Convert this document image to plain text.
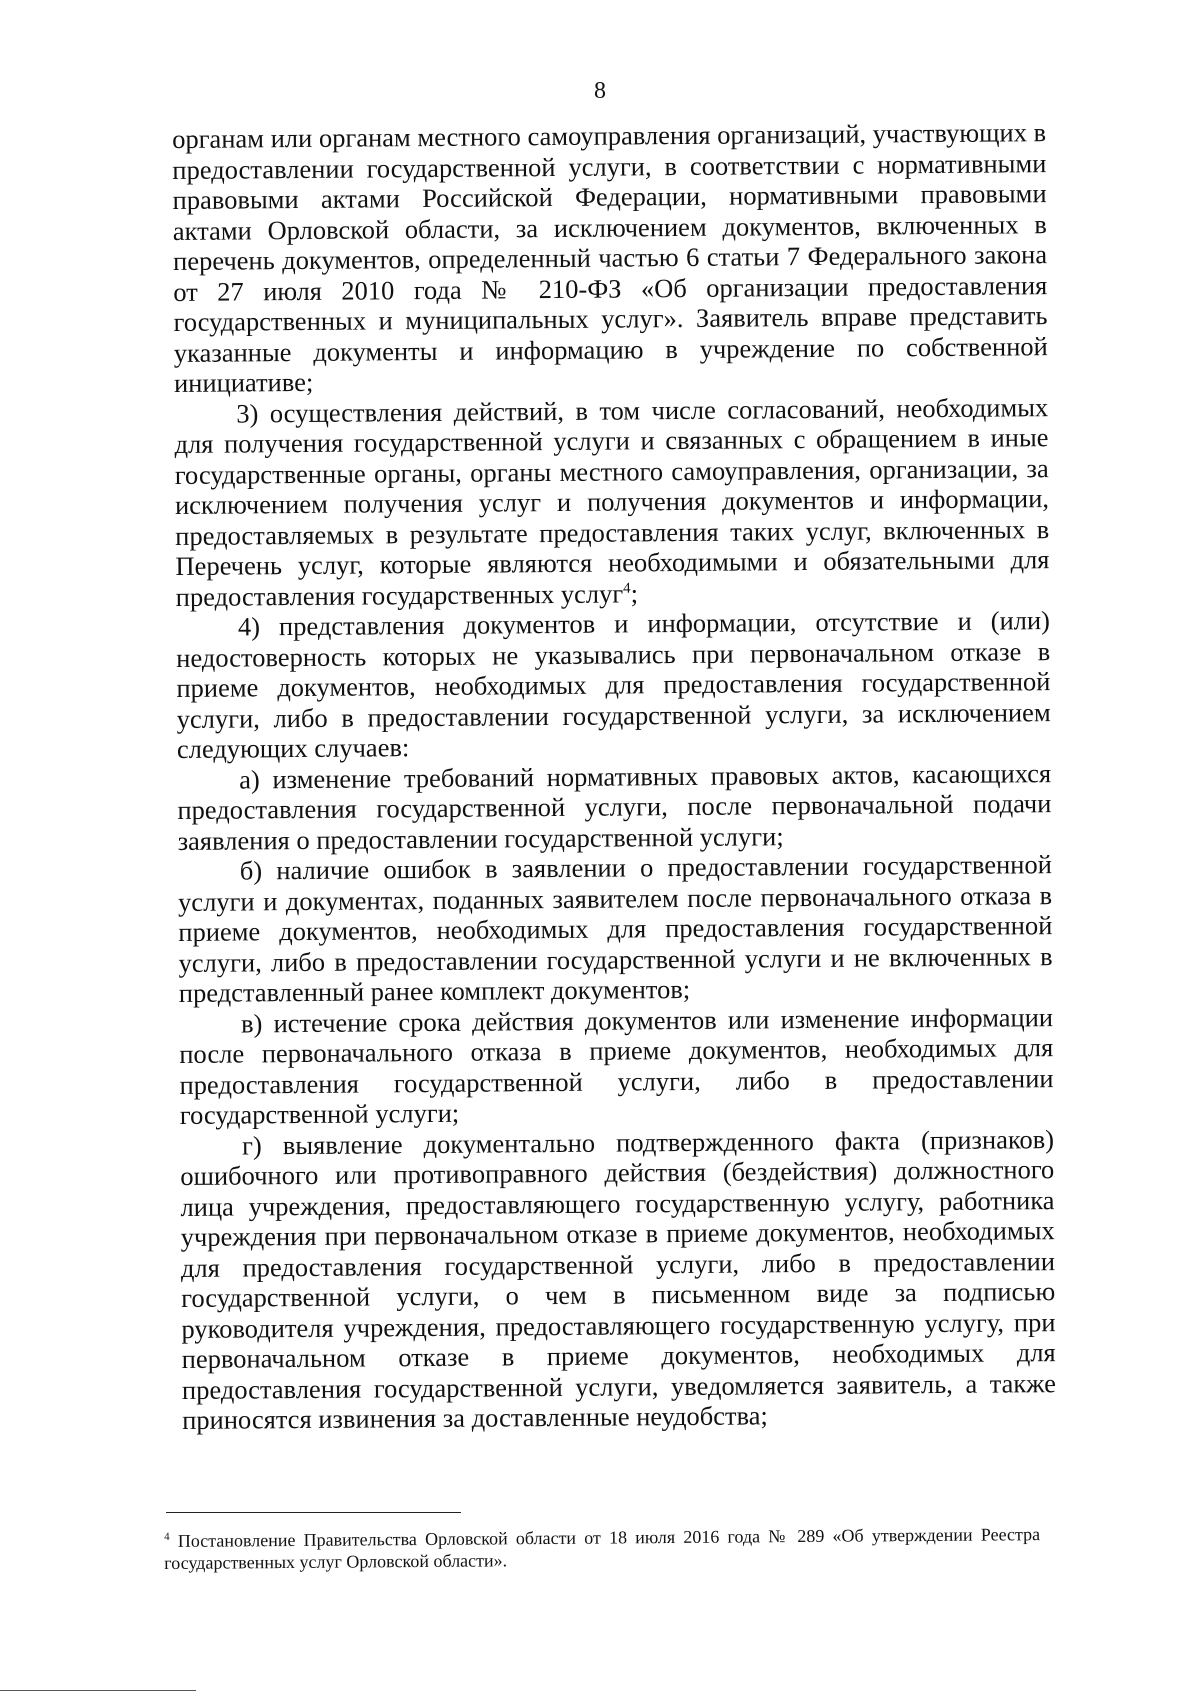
8

органам или органам местного самоуправления организаций, участвующих в предоставлении государственной услуги, в соответствии с нормативными правовыми актами Российской Федерации, нормативными правовыми актами Орловской области, за исключением документов, включенных в перечень документов, определенный частью 6 статьи 7 Федерального закона от 27 июля 2010 года № 210-ФЗ «Об организации предоставления государственных и муниципальных услуг». Заявитель вправе представить указанные документы и информацию в учреждение по собственной инициативе;

3) осуществления действий, в том числе согласований, необходимых для получения государственной услуги и связанных с обращением в иные государственные органы, органы местного самоуправления, организации, за исключением получения услуг и получения документов и информации, предоставляемых в результате предоставления таких услуг, включенных в Перечень услуг, которые являются необходимыми и обязательными для предоставления государственных услуг$^4$;

4) представления документов и информации, отсутствие и (или) недостоверность которых не указывались при первоначальном отказе в приеме документов, необходимых для предоставления государственной услуги, либо в предоставлении государственной услуги, за исключением следующих случаев:

а) изменение требований нормативных правовых актов, касающихся предоставления государственной услуги, после первоначальной подачи заявления о предоставлении государственной услуги;

б) наличие ошибок в заявлении о предоставлении государственной услуги и документах, поданных заявителем после первоначального отказа в приеме документов, необходимых для предоставления государственной услуги, либо в предоставлении государственной услуги и не включенных в представленный ранее комплект документов;

в) истечение срока действия документов или изменение информации после первоначального отказа в приеме документов, необходимых для предоставления государственной услуги, либо в предоставлении государственной услуги;

г) выявление документально подтвержденного факта (признаков) ошибочного или противоправного действия (бездействия) должностного лица учреждения, предоставляющего государственную услугу, работника учреждения при первоначальном отказе в приеме документов, необходимых для предоставления государственной услуги, либо в предоставлении государственной услуги, о чем в письменном виде за подписью руководителя учреждения, предоставляющего государственную услугу, при первоначальном отказе в приеме документов, необходимых для предоставления государственной услуги, уведомляется заявитель, а также приносятся извинения за доставленные неудобства;

$^4$ Постановление Правительства Орловской области от 18 июля 2016 года № 289 «Об утверждении Реестра государственных услуг Орловской области».
